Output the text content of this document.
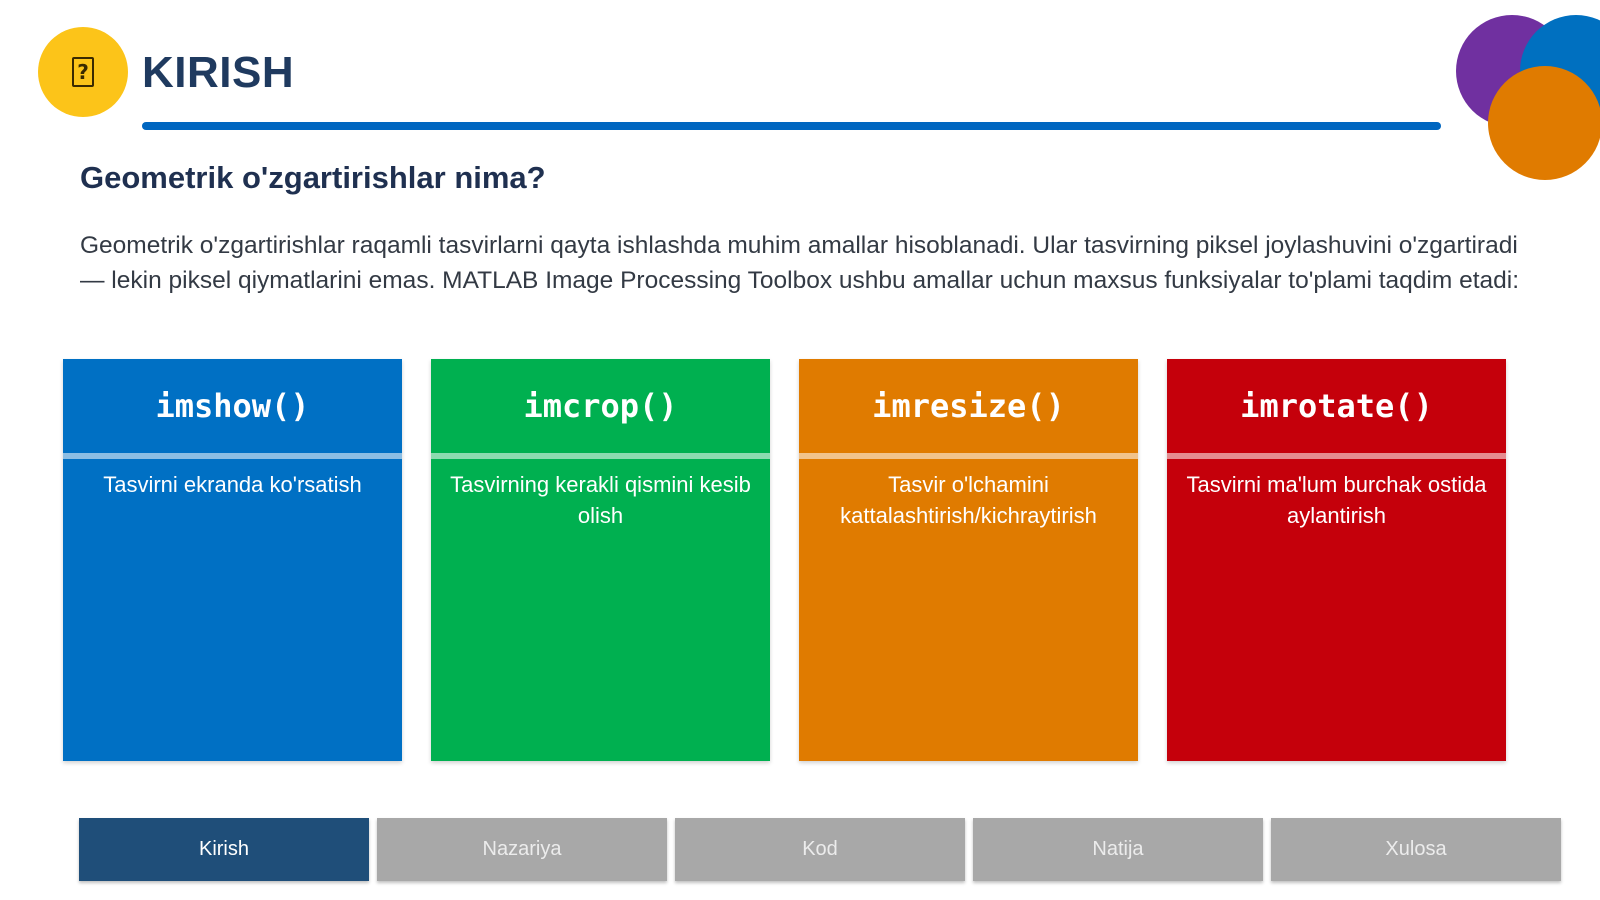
? KIRISH
Geometrik o'zgartirishlar nima?

Geometrik o'zgartirishlar raqamli tasvirlarni qayta ishlashda muhim amallar hisoblanadi. Ular tasvirning piksel joylashuvini o'zgartiradi — lekin piksel qiymatlarini emas. MATLAB Image Processing Toolbox ushbu amallar uchun maxsus funksiyalar to'plami taqdim etadi:

imshow()
Tasvirni ekranda ko'rsatish
imcrop()
Tasvirning kerakli qismini kesib olish
imresize()
Tasvir o'lchamini kattalashtirish/kichraytirish
imrotate()
Tasvirni ma'lum burchak ostida aylantirish
Kirish	Nazariya	Kod	Natija	Xulosa
